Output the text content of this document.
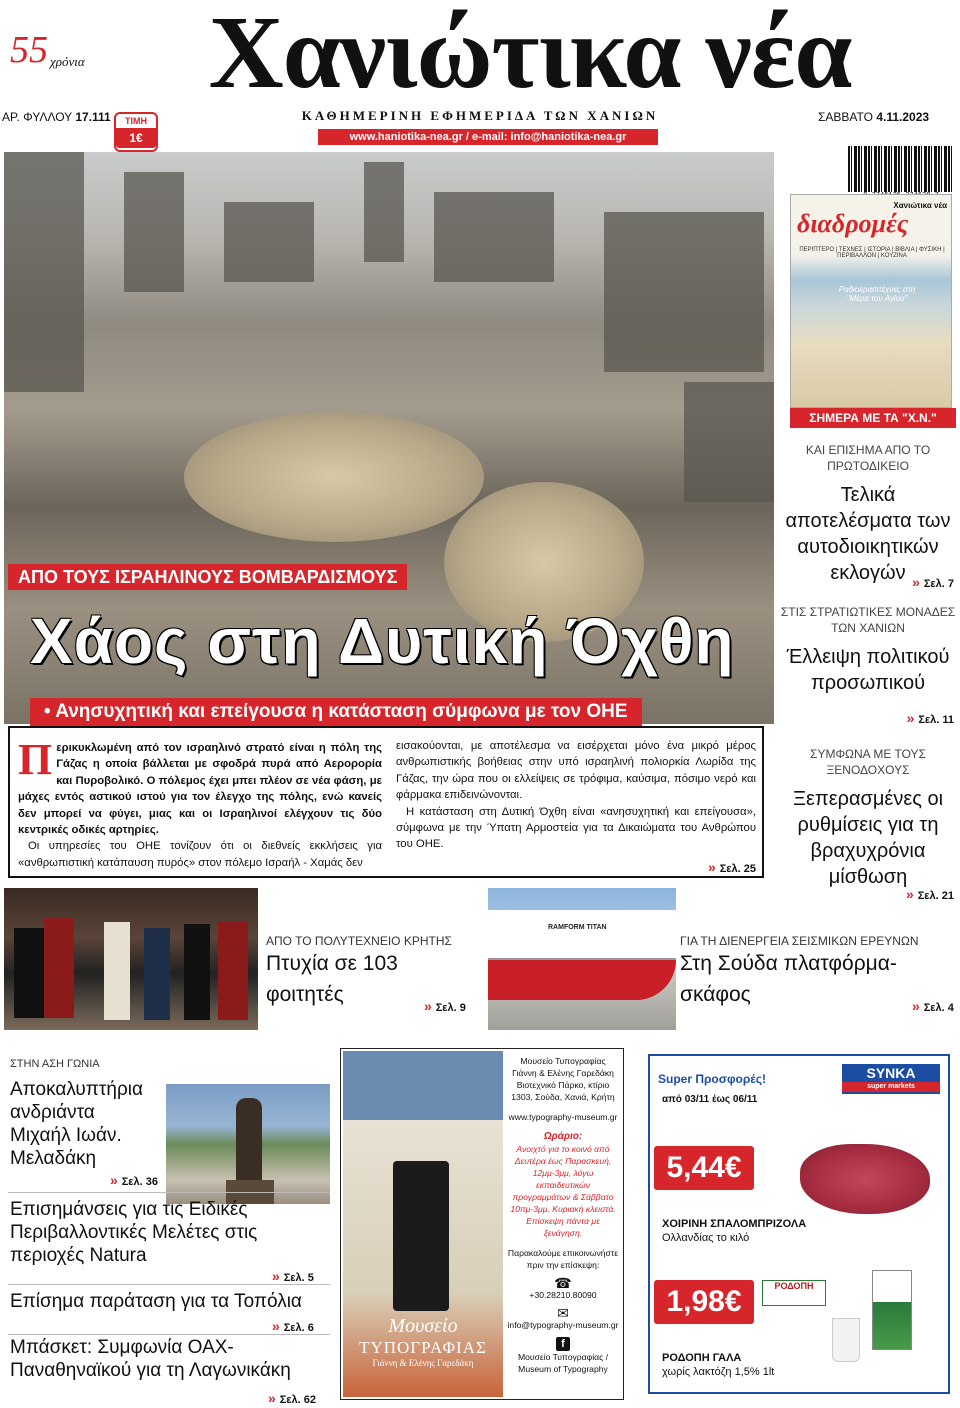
55 χρόνια	Χανιώτικα νέα
ΑΡ. ΦΥΛΛΟΥ 17.111	ΤΙΜΗ
1€
ΚΑΘΗΜΕΡΙΝΗ ΕΦΗΜΕΡΙΔΑ ΤΩΝ ΧΑΝΙΩΝ
www.haniotika-nea.gr / e-mail: info@haniotika-nea.gr
ΣΑΒΒΑΤΟ 4.11.2023
ΑΠΟ ΤΟΥΣ ΙΣΡΑΗΛΙΝΟΥΣ ΒΟΜΒΑΡΔΙΣΜΟΥΣ
Χάος στη Δυτική Όχθη
• Ανησυχητική και επείγουσα η κατάσταση σύμφωνα με τον ΟΗΕ
Περικυκλωμένη από τον ισραηλινό στρατό είναι η πόλη της Γάζας η οποία βάλλεται με σφοδρά πυρά από Αερορορία και Πυροβολικό. Ο πόλεμος έχει μπει πλέον σε νέα φάση, με μάχες εντός αστικού ιστού για τον έλεγχο της πόλης, ενώ κανείς δεν μπορεί να φύγει, μιας και οι Ισραηλινοί ελέγχουν τις δύο κεντρικές οδικές αρτηρίες.

Οι υπηρεσίες του ΟΗΕ τονίζουν ότι οι διεθνείς εκκλήσεις για «ανθρωπιστική κατάπαυση πυρός» στον πόλεμο Ισραήλ - Χαμάς δεν

εισακούονται, με αποτέλεσμα να εισέρχεται μόνο ένα μικρό μέρος ανθρωπιστικής βοήθειας στην υπό ισραηλινή πολιορκία Λωρίδα της Γάζας, την ώρα που οι ελλείψεις σε τρόφιμα, καύσιμα, πόσιμο νερό και φάρμακα επιδεινώνονται.

Η κατάσταση στη Δυτική Όχθη είναι «ανησυχητική και επείγουσα», σύμφωνα με την Ύπατη Αρμοστεία για τα Δικαιώματα του Ανθρώπου του ΟΗΕ.

» Σελ. 25
Χανιώτικα νέα
διαδρομές
ΠΕΡΙΠΤΕΡΟ | ΤΕΧΝΕΣ | ΙΣΤΟΡΙΑ | ΒΙΒΛΙΑ | ΦΥΣΙΚΗ | ΠΕΡΙΒΑΛΛΟΝ | ΚΟΥΖΙΝΑ
Ραδιοερασιτέχνες στη "Μέρα του Αγίου"
ΣΗΜΕΡΑ ΜΕ ΤΑ "Χ.Ν."
ΚΑΙ ΕΠΙΣΗΜΑ ΑΠΟ ΤΟ ΠΡΩΤΟΔΙΚΕΙΟ
Τελικά αποτελέσματα των αυτοδιοικητικών εκλογών » Σελ. 7
ΣΤΙΣ ΣΤΡΑΤΙΩΤΙΚΕΣ ΜΟΝΑΔΕΣ ΤΩΝ ΧΑΝΙΩΝ
Έλλειψη πολιτικού προσωπικού
» Σελ. 11
ΣΥΜΦΩΝΑ ΜΕ ΤΟΥΣ ΞΕΝΟΔΟΧΟΥΣ
Ξεπερασμένες οι ρυθμίσεις για τη βραχυχρόνια μίσθωση
» Σελ. 21
ΑΠΟ ΤΟ ΠΟΛΥΤΕΧΝΕΙΟ ΚΡΗΤΗΣ
Πτυχία σε 103 φοιτητές	» Σελ. 9
RAMFORM TITAN
ΓΙΑ ΤΗ ΔΙΕΝΕΡΓΕΙΑ ΣΕΙΣΜΙΚΩΝ ΕΡΕΥΝΩΝ
Στη Σούδα πλατφόρμα-σκάφος	» Σελ. 4
ΣΤΗΝ ΑΣΗ ΓΩΝΙΑ
Αποκαλυπτήρια ανδριάντα Μιχαήλ Ιωάν. Μελαδάκη
» Σελ. 36
Επισημάνσεις για τις Ειδικές Περιβαλλοντικές Μελέτες στις περιοχές Natura
» Σελ. 5
Επίσημα παράταση για τα Τοπόλια
» Σελ. 6
Μπάσκετ: Συμφωνία ΟΑΧ-Παναθηναϊκού για τη Λαγωνικάκη
» Σελ. 62
Μουσείο
ΤΥΠΟΓΡΑΦΙΑΣ
Γιάννη & Ελένης Γαρεδάκη
Μουσείο Τυπογραφίας Γιάννη & Ελένης Γαρεδάκη
Βιοτεχνικό Πάρκο, κτίριο 1303, Σούδα, Χανιά, Κρήτη
www.typography-museum.gr
Ωράριο:
Ανοιχτό για το κοινό από Δευτέρα έως Παρασκευή, 12μμ-3μμ, λόγω εκπαιδευτικών προγραμμάτων & Σάββατο 10πμ-3μμ. Κυριακή κλειστά.
Επίσκεψη πάντα με ξενάγηση.
Παρακαλούμε επικοινωνήστε πριν την επίσκεψη:
☎
+30.28210.80090
✉
info@typography-museum.gr
f
Μουσείο Τυπογραφίας / Museum of Typography
SYNKA
super markets
Super Προσφορές!
από 03/11 έως 06/11
5,44€
ΧΟΙΡΙΝΗ ΣΠΑΛΟΜΠΡΙΖΟΛΑ
Ολλανδίας το κιλό
1,98€	ΡΟΔΟΠΗ
ΡΟΔΟΠΗ ΓΑΛΑ
χωρίς λακτόζη 1,5% 1lt
